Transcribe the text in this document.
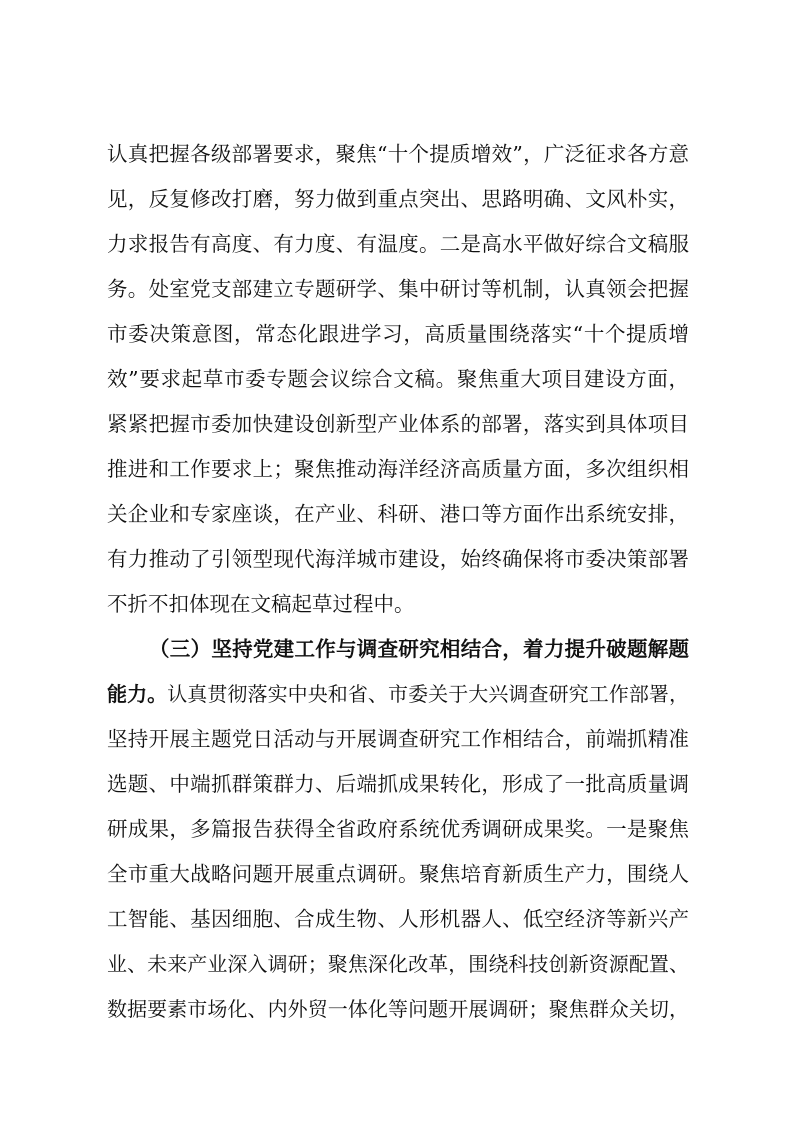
认真把握各级部署要求，聚焦“十个提质增效”，广泛征求各方意
见，反复修改打磨，努力做到重点突出、思路明确、文风朴实，
力求报告有高度、有力度、有温度。二是高水平做好综合文稿服
务。处室党支部建立专题研学、集中研讨等机制，认真领会把握
市委决策意图，常态化跟进学习，高质量围绕落实“十个提质增
效”要求起草市委专题会议综合文稿。聚焦重大项目建设方面，
紧紧把握市委加快建设创新型产业体系的部署，落实到具体项目
推进和工作要求上；聚焦推动海洋经济高质量方面，多次组织相
关企业和专家座谈，在产业、科研、港口等方面作出系统安排，
有力推动了引领型现代海洋城市建设，始终确保将市委决策部署
不折不扣体现在文稿起草过程中。
（三）坚持党建工作与调查研究相结合，着力提升破题解题
能力。认真贯彻落实中央和省、市委关于大兴调查研究工作部署，
坚持开展主题党日活动与开展调查研究工作相结合，前端抓精准
选题、中端抓群策群力、后端抓成果转化，形成了一批高质量调
研成果，多篇报告获得全省政府系统优秀调研成果奖。一是聚焦
全市重大战略问题开展重点调研。聚焦培育新质生产力，围绕人
工智能、基因细胞、合成生物、人形机器人、低空经济等新兴产
业、未来产业深入调研；聚焦深化改革，围绕科技创新资源配置、
数据要素市场化、内外贸一体化等问题开展调研；聚焦群众关切，
